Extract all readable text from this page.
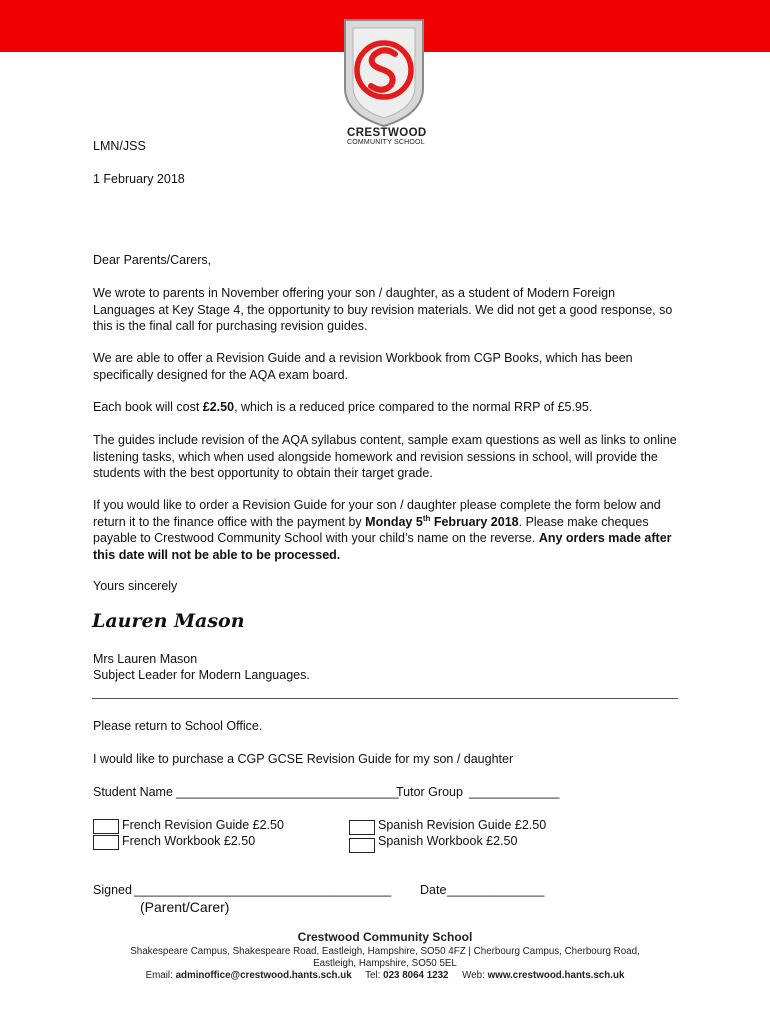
CRESTWOOD
COMMUNITY SCHOOL
LMN/JSS
1 February 2018
Dear Parents/Carers,

We wrote to parents in November offering your son / daughter, as a student of Modern Foreign Languages at Key Stage 4, the opportunity to buy revision materials. We did not get a good response, so this is the final call for purchasing revision guides.

We are able to offer a Revision Guide and a revision Workbook from CGP Books, which has been specifically designed for the AQA exam board.

Each book will cost £2.50, which is a reduced price compared to the normal RRP of £5.95.

The guides include revision of the AQA syllabus content, sample exam questions as well as links to online listening tasks, which when used alongside homework and revision sessions in school, will provide the students with the best opportunity to obtain their target grade.

If you would like to order a Revision Guide for your son / daughter please complete the form below and return it to the finance office with the payment by Monday 5th February 2018. Please make cheques payable to Crestwood Community School with your child’s name on the reverse. Any orders made after this date will not be able to be processed.

Yours sincerely
Lauren Mason
Mrs Lauren Mason
Subject Leader for Modern Languages.
Please return to School Office.
I would like to purchase a CGP GCSE Revision Guide for my son / daughter
Student Name ________________________________
Tutor Group _____________
French Revision Guide £2.50
French Workbook £2.50
Spanish Revision Guide £2.50
Spanish Workbook £2.50
Signed _____________________________________ Date ______________
(Parent/Carer)
Crestwood Community School
Shakespeare Campus, Shakespeare Road, Eastleigh, Hampshire, SO50 4FZ | Cherbourg Campus, Cherbourg Road,
Eastleigh, Hampshire, SO50 5EL
Email: adminoffice@crestwood.hants.sch.uk Tel: 023 8064 1232 Web: www.crestwood.hants.sch.uk
